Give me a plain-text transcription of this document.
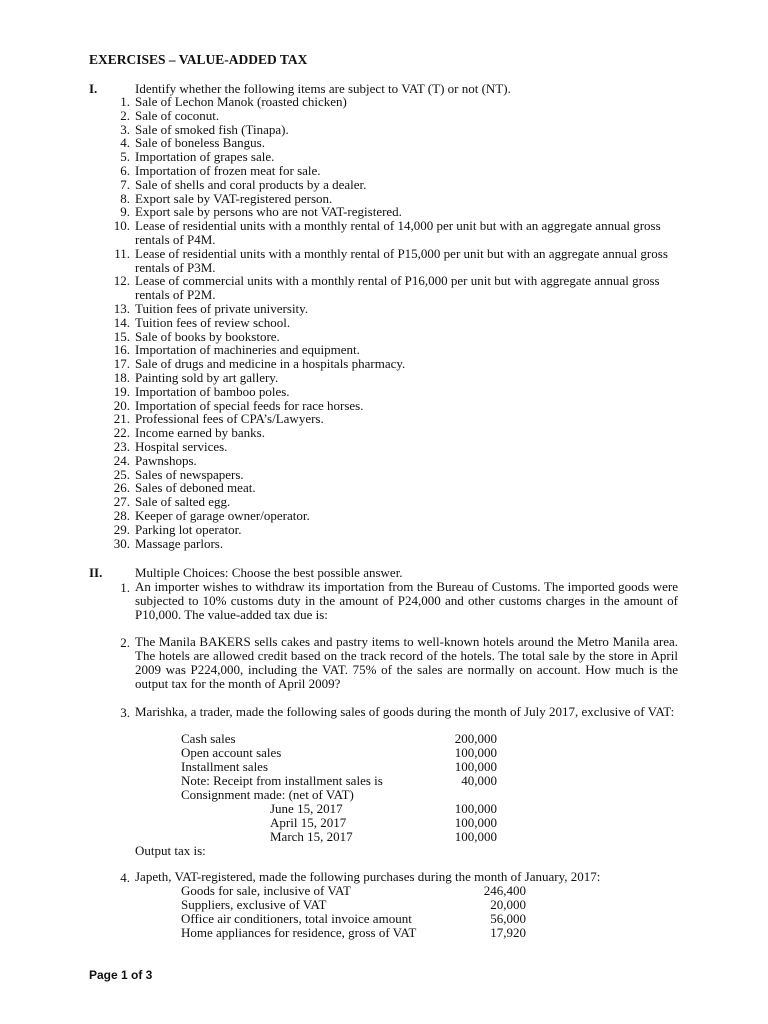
EXERCISES – VALUE-ADDED TAX
I.	Identify whether the following items are subject to VAT (T) or not (NT).
1. Sale of Lechon Manok (roasted chicken)
2. Sale of coconut.
3. Sale of smoked fish (Tinapa).
4. Sale of boneless Bangus.
5. Importation of grapes sale.
6. Importation of frozen meat for sale.
7. Sale of shells and coral products by a dealer.
8. Export sale by VAT-registered person.
9. Export sale by persons who are not VAT-registered.
10. Lease of residential units with a monthly rental of 14,000 per unit but with an aggregate annual gross rentals of P4M.
11. Lease of residential units with a monthly rental of P15,000 per unit but with an aggregate annual gross rentals of P3M.
12. Lease of commercial units with a monthly rental of P16,000 per unit but with aggregate annual gross rentals of P2M.
13. Tuition fees of private university.
14. Tuition fees of review school.
15. Sale of books by bookstore.
16. Importation of machineries and equipment.
17. Sale of drugs and medicine in a hospitals pharmacy.
18. Painting sold by art gallery.
19. Importation of bamboo poles.
20. Importation of special feeds for race horses.
21. Professional fees of CPA’s/Lawyers.
22. Income earned by banks.
23. Hospital services.
24. Pawnshops.
25. Sales of newspapers.
26. Sales of deboned meat.
27. Sale of salted egg.
28. Keeper of garage owner/operator.
29. Parking lot operator.
30. Massage parlors.
II.	Multiple Choices: Choose the best possible answer.
1. An importer wishes to withdraw its importation from the Bureau of Customs. The imported goods were subjected to 10% customs duty in the amount of P24,000 and other customs charges in the amount of P10,000. The value-added tax due is:
2. The Manila BAKERS sells cakes and pastry items to well-known hotels around the Metro Manila area. The hotels are allowed credit based on the track record of the hotels. The total sale by the store in April 2009 was P224,000, including the VAT. 75% of the sales are normally on account. How much is the output tax for the month of April 2009?
3. Marishka, a trader, made the following sales of goods during the month of July 2017, exclusive of VAT:
Cash sales	200,000
Open account sales	100,000
Installment sales	100,000
Note: Receipt from installment sales is	40,000
Consignment made: (net of VAT)
June 15, 2017	100,000
April 15, 2017	100,000
March 15, 2017	100,000
Output tax is:
4. Japeth, VAT-registered, made the following purchases during the month of January, 2017:
Goods for sale, inclusive of VAT	246,400
Suppliers, exclusive of VAT	20,000
Office air conditioners, total invoice amount	56,000
Home appliances for residence, gross of VAT	17,920
Page 1 of 3
